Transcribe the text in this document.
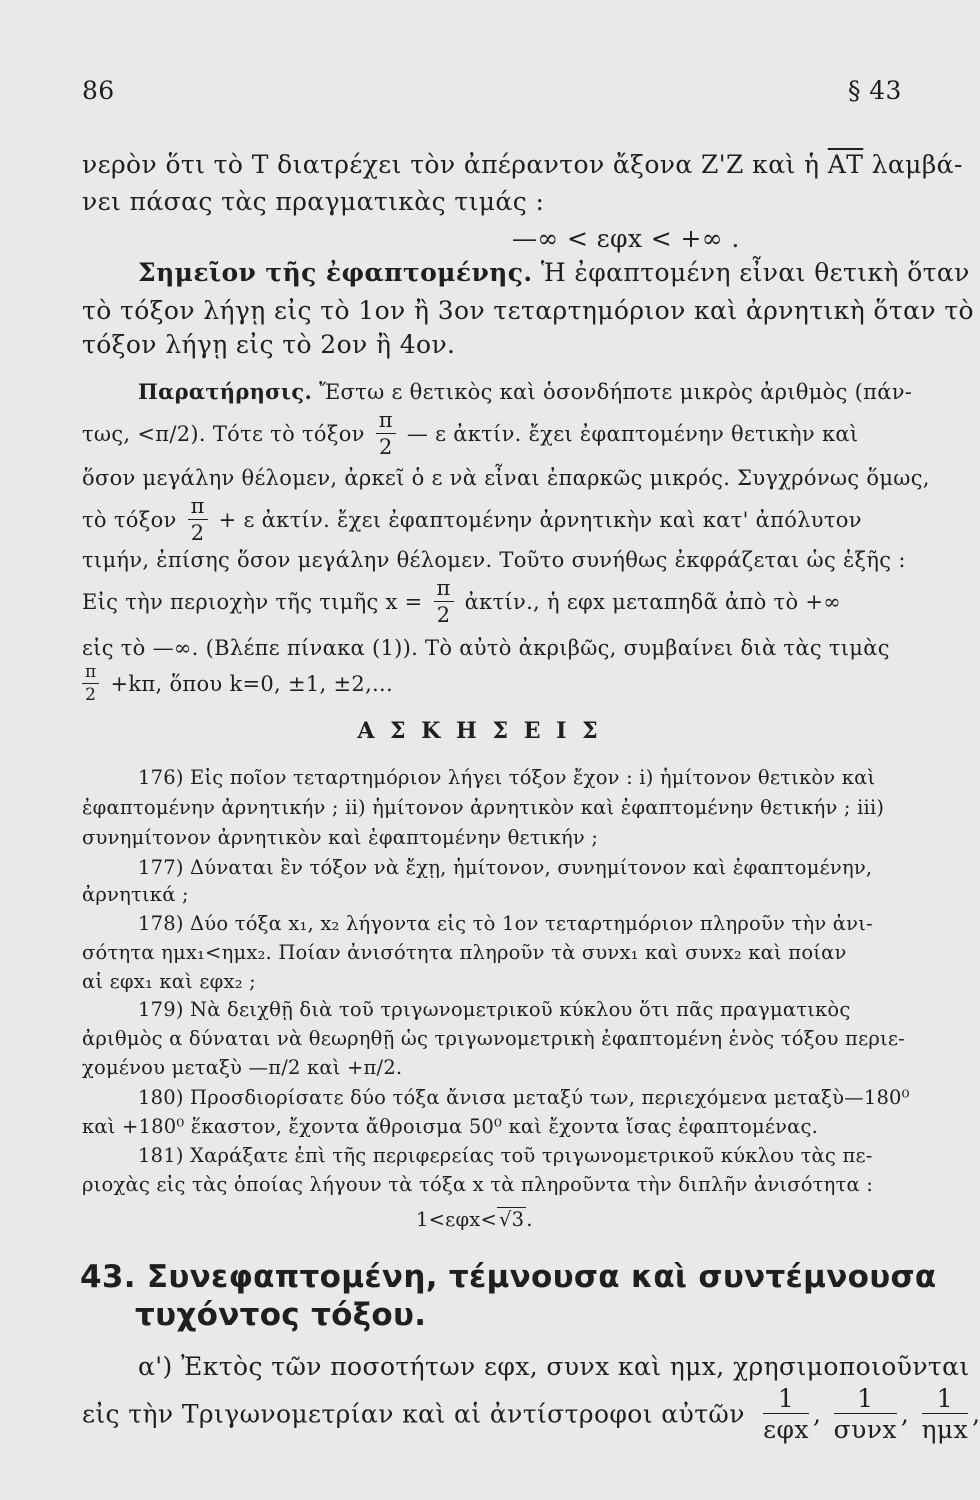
86	§ 43
νερὸν ὅτι τὸ Τ διατρέχει τὸν ἀπέραντον ἄξονα Ζ'Ζ καὶ ἡ $\overline{AT}$ λαμβά-
νει πάσας τὰς πραγματικὰς τιμάς :
—∞ < εφx < +∞ .
Σημεῖον τῆς ἐφαπτομένης. Ἡ ἐφαπτομένη εἶναι θετικὴ ὅταν
τὸ τόξον λήγῃ εἰς τὸ 1ον ἢ 3ον τεταρτημόριον καὶ ἀρνητικὴ ὅταν τὸ
τόξον λήγῃ εἰς τὸ 2ον ἢ 4ον.
Παρατήρησις. Ἔστω ε θετικὸς καὶ ὁσονδήποτε μικρὸς ἀριθμὸς (πάν-
τως, <π/2). Τότε τὸ τόξον $\frac{\pi}{2}$ — ε ἀκτίν. ἔχει ἐφαπτομένην θετικὴν καὶ
ὅσον μεγάλην θέλομεν, ἀρκεῖ ὁ ε νὰ εἶναι ἐπαρκῶς μικρός. Συγχρόνως ὅμως,
τὸ τόξον $\frac{\pi}{2} + \varepsilon$ ἀκτίν. ἔχει ἐφαπτομένην ἀρνητικὴν καὶ κατ' ἀπόλυτον
τιμήν, ἐπίσης ὅσον μεγάλην θέλομεν. Τοῦτο συνήθως ἐκφράζεται ὡς ἑξῆς :
Εἰς τὴν περιοχὴν τῆς τιμῆς $x = \frac{\pi}{2}$ ἀκτίν., ἡ εφx μεταπηδᾶ ἀπὸ τὸ +∞
εἰς τὸ —∞. (Βλέπε πίνακα (1)). Τὸ αὐτὸ ἀκριβῶς, συμβαίνει διὰ τὰς τιμὰς
$\frac{\pi}{2} +k\pi$, ὅπου k=0, ±1, ±2,...
Α Σ Κ Η Σ Ε Ι Σ
176) Εἰς ποῖον τεταρτημόριον λήγει τόξον ἔχον : i) ἡμίτονον θετικὸν καὶ
ἐφαπτομένην ἀρνητικήν ; ii) ἡμίτονον ἀρνητικὸν καὶ ἐφαπτομένην θετικήν ; iii)
συνημίτονον ἀρνητικὸν καὶ ἐφαπτομένην θετικήν ;
177) Δύναται ἓν τόξον νὰ ἔχῃ, ἡμίτονον, συνημίτονον καὶ ἐφαπτομένην,
ἀρνητικά ;
178) Δύο τόξα x₁, x₂ λήγοντα εἰς τὸ 1ον τεταρτημόριον πληροῦν τὴν ἀνι-
σότητα ημx₁<ημx₂. Ποίαν ἀνισότητα πληροῦν τὰ συνx₁ καὶ συνx₂ καὶ ποίαν
αἱ εφx₁ καὶ εφx₂ ;
179) Νὰ δειχθῇ διὰ τοῦ τριγωνομετρικοῦ κύκλου ὅτι πᾶς πραγματικὸς
ἀριθμὸς α δύναται νὰ θεωρηθῇ ὡς τριγωνομετρικὴ ἐφαπτομένη ἑνὸς τόξου περιε-
χομένου μεταξὺ —π/2 καὶ +π/2.
180) Προσδιορίσατε δύο τόξα ἄνισα μεταξύ των, περιεχόμενα μεταξὺ—180⁰
καὶ +180⁰ ἕκαστον, ἔχοντα ἄθροισμα 50⁰ καὶ ἔχοντα ἴσας ἐφαπτομένας.
181) Χαράξατε ἐπὶ τῆς περιφερείας τοῦ τριγωνομετρικοῦ κύκλου τὰς πε-
ριοχὰς εἰς τὰς ὁποίας λήγουν τὰ τόξα x τὰ πληροῦντα τὴν διπλῆν ἀνισότητα :
1<εφx< √3 .
43. Συνεφαπτομένη, τέμνουσα καὶ συντέμνουσα
τυχόντος τόξου.
α') Ἐκτὸς τῶν ποσοτήτων εφx, συνx καὶ ημx, χρησιμοποιοῦνται
εἰς τὴν Τριγωνομετρίαν καὶ αἱ ἀντίστροφοι αὐτῶν $\frac{1}{\text{εφx}}$ , $\frac{1}{\text{συνx}}$ , $\frac{1}{\text{ημx}}$ ,
